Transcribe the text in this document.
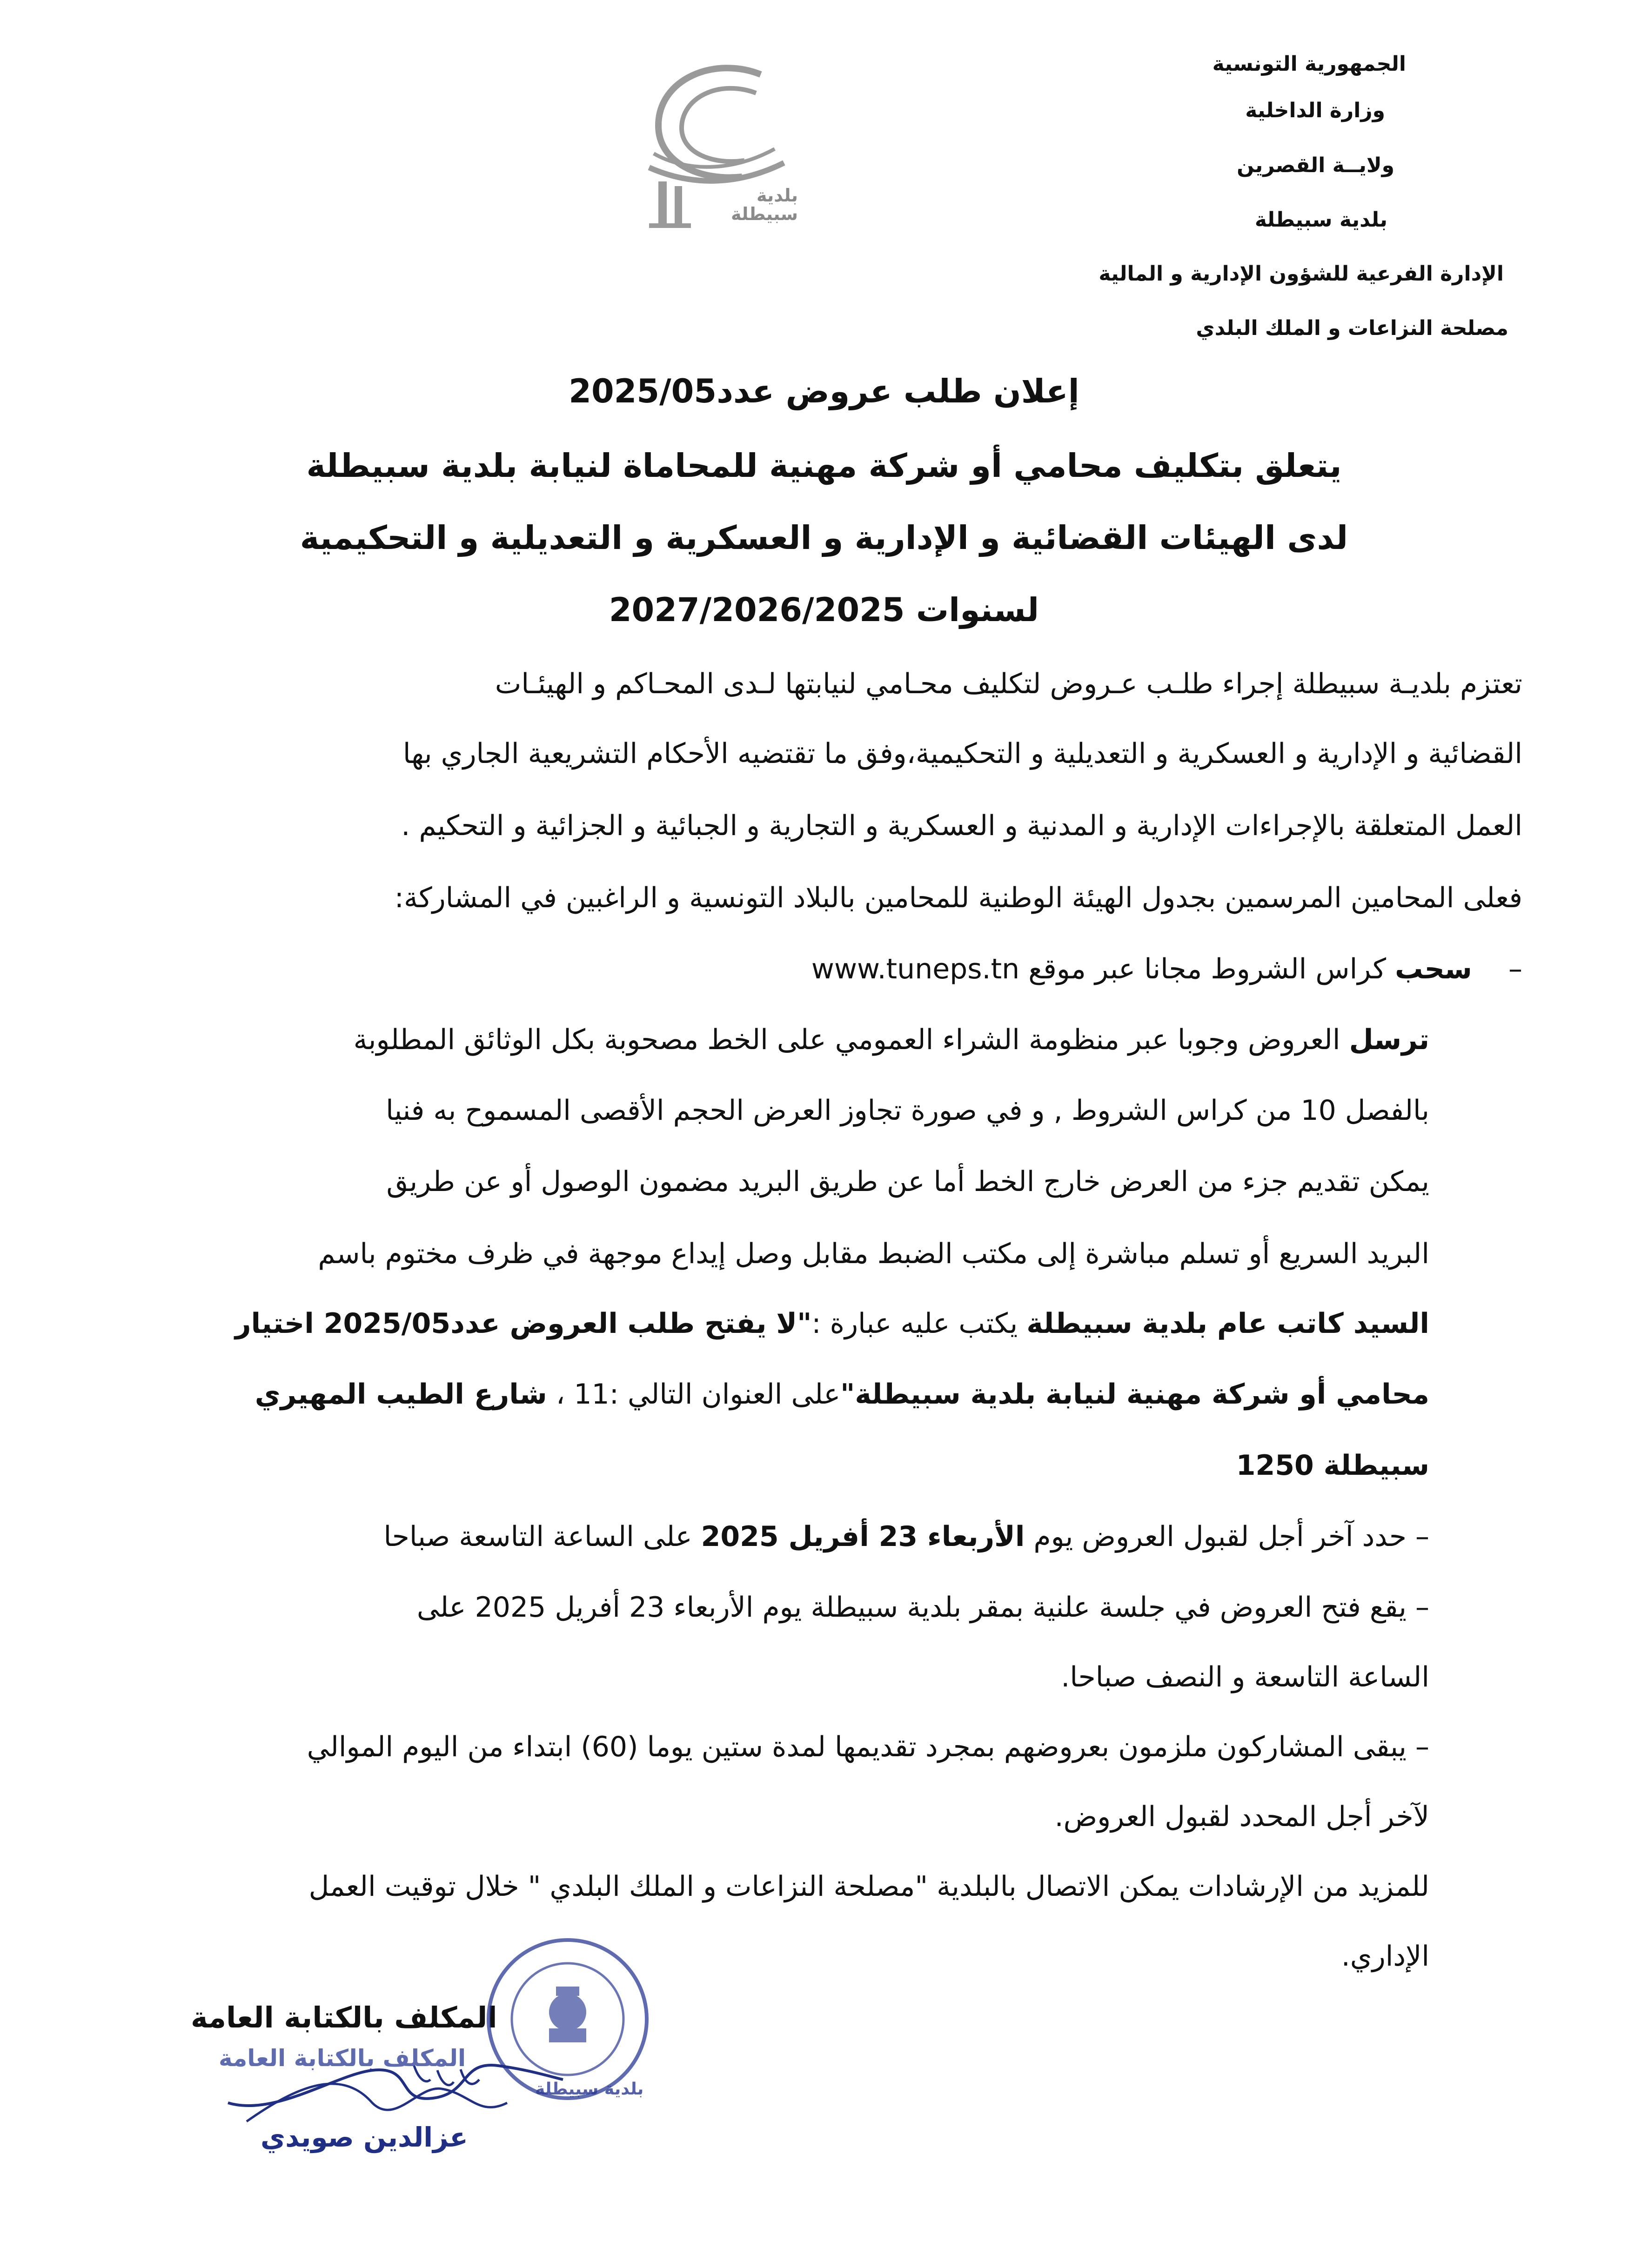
الجمهورية التونسية
وزارة الداخلية
ولايــة القصرين
بلدية سبيطلة
الإدارة الفرعية للشؤون الإدارية و المالية
مصلحة النزاعات و الملك البلدي
بلدية
سبيطلة
إعلان طلب عروض عدد2025/05
يتعلق بتكليف محامي أو شركة مهنية للمحاماة لنيابة بلدية سبيطلة
لدى الهيئات القضائية و الإدارية و العسكرية و التعديلية و التحكيمية
لسنوات 2027/2026/2025
تعتزم بلديـة سبيطلة إجراء طلـب عـروض لتكليف محـامي لنيابتها لـدى المحـاكم و الهيئـات
القضائية و الإدارية و العسكرية و التعديلية و التحكيمية،وفق ما تقتضيه الأحكام التشريعية الجاري بها
العمل المتعلقة بالإجراءات الإدارية و المدنية و العسكرية و التجارية و الجبائية و الجزائية و التحكيم .
فعلى المحامين المرسمين بجدول الهيئة الوطنية للمحامين بالبلاد التونسية و الراغبين في المشاركة:
–  سحب كراس الشروط مجانا عبر موقع www.tuneps.tn
ترسل العروض وجوبا عبر منظومة الشراء العمومي على الخط مصحوبة بكل الوثائق المطلوبة
بالفصل 10 من كراس الشروط , و في صورة تجاوز العرض الحجم الأقصى المسموح به فنيا
يمكن تقديم جزء من العرض خارج الخط أما عن طريق البريد مضمون الوصول أو عن طريق
البريد السريع أو تسلم مباشرة إلى مكتب الضبط مقابل وصل إيداع موجهة في ظرف مختوم باسم
السيد كاتب عام بلدية سبيطلة يكتب عليه عبارة :"لا يفتح طلب العروض عدد2025/05 اختيار
محامي أو شركة مهنية لنيابة بلدية سبيطلة"على العنوان التالي :11 ، شارع الطيب المهيري
سبيطلة 1250
– حدد آخر أجل لقبول العروض يوم الأربعاء 23 أفريل 2025 على الساعة التاسعة صباحا
– يقع فتح العروض في جلسة علنية بمقر بلدية سبيطلة يوم الأربعاء 23 أفريل 2025 على
الساعة التاسعة و النصف صباحا.
– يبقى المشاركون ملزمون بعروضهم بمجرد تقديمها لمدة ستين يوما (60) ابتداء من اليوم الموالي
لآخر أجل المحدد لقبول العروض.
للمزيد من الإرشادات يمكن الاتصال بالبلدية "مصلحة النزاعات و الملك البلدي " خلال توقيت العمل
الإداري.
المكلف بالكتابة العامة
بلدية سبيطلة
المكلف بالكتابة العامة
عزالدين صويدي
